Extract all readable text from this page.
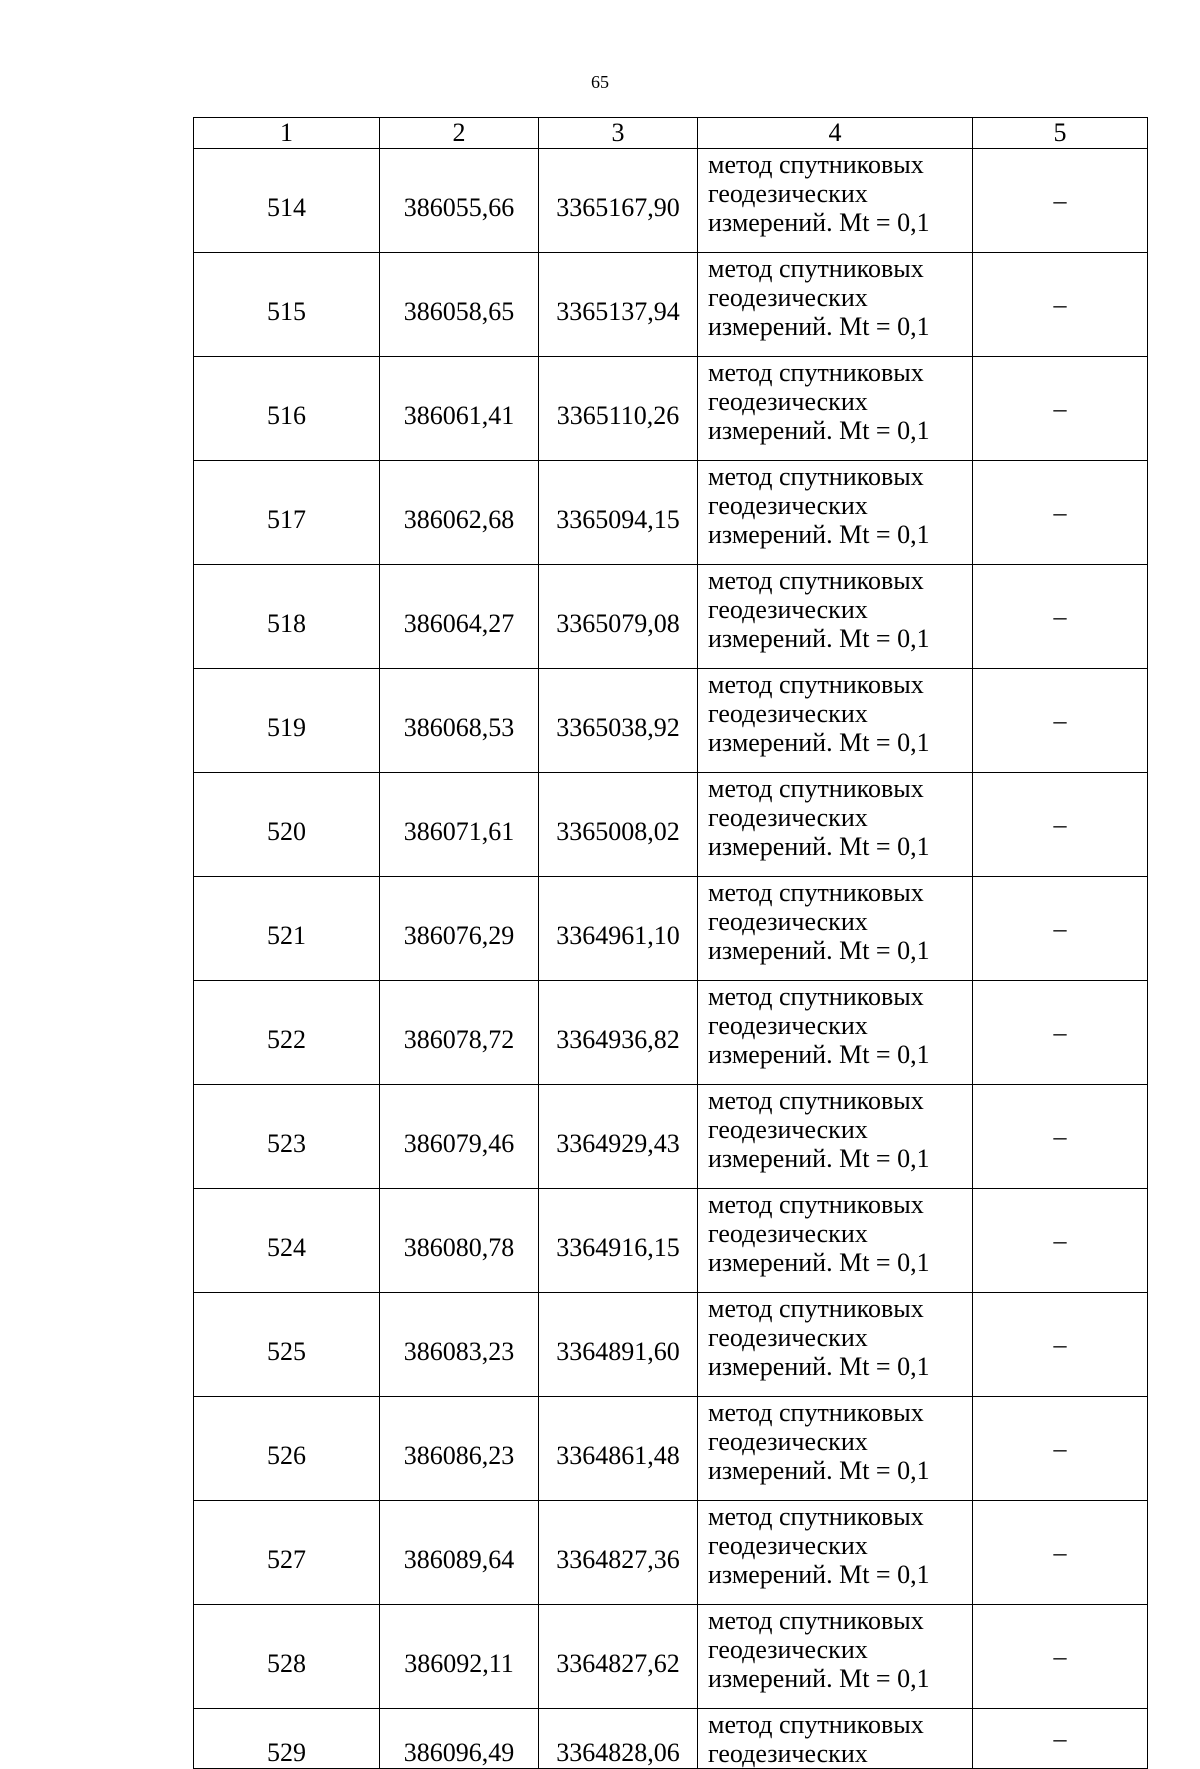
65
1	2	3	4	5
514	386055,66	3365167,90	метод спутниковых
геодезических
измерений. Mt = 0,1	–
515	386058,65	3365137,94	метод спутниковых
геодезических
измерений. Mt = 0,1	–
516	386061,41	3365110,26	метод спутниковых
геодезических
измерений. Mt = 0,1	–
517	386062,68	3365094,15	метод спутниковых
геодезических
измерений. Mt = 0,1	–
518	386064,27	3365079,08	метод спутниковых
геодезических
измерений. Mt = 0,1	–
519	386068,53	3365038,92	метод спутниковых
геодезических
измерений. Mt = 0,1	–
520	386071,61	3365008,02	метод спутниковых
геодезических
измерений. Mt = 0,1	–
521	386076,29	3364961,10	метод спутниковых
геодезических
измерений. Mt = 0,1	–
522	386078,72	3364936,82	метод спутниковых
геодезических
измерений. Mt = 0,1	–
523	386079,46	3364929,43	метод спутниковых
геодезических
измерений. Mt = 0,1	–
524	386080,78	3364916,15	метод спутниковых
геодезических
измерений. Mt = 0,1	–
525	386083,23	3364891,60	метод спутниковых
геодезических
измерений. Mt = 0,1	–
526	386086,23	3364861,48	метод спутниковых
геодезических
измерений. Mt = 0,1	–
527	386089,64	3364827,36	метод спутниковых
геодезических
измерений. Mt = 0,1	–
528	386092,11	3364827,62	метод спутниковых
геодезических
измерений. Mt = 0,1	–
529	386096,49	3364828,06	метод спутниковых
геодезических	–
